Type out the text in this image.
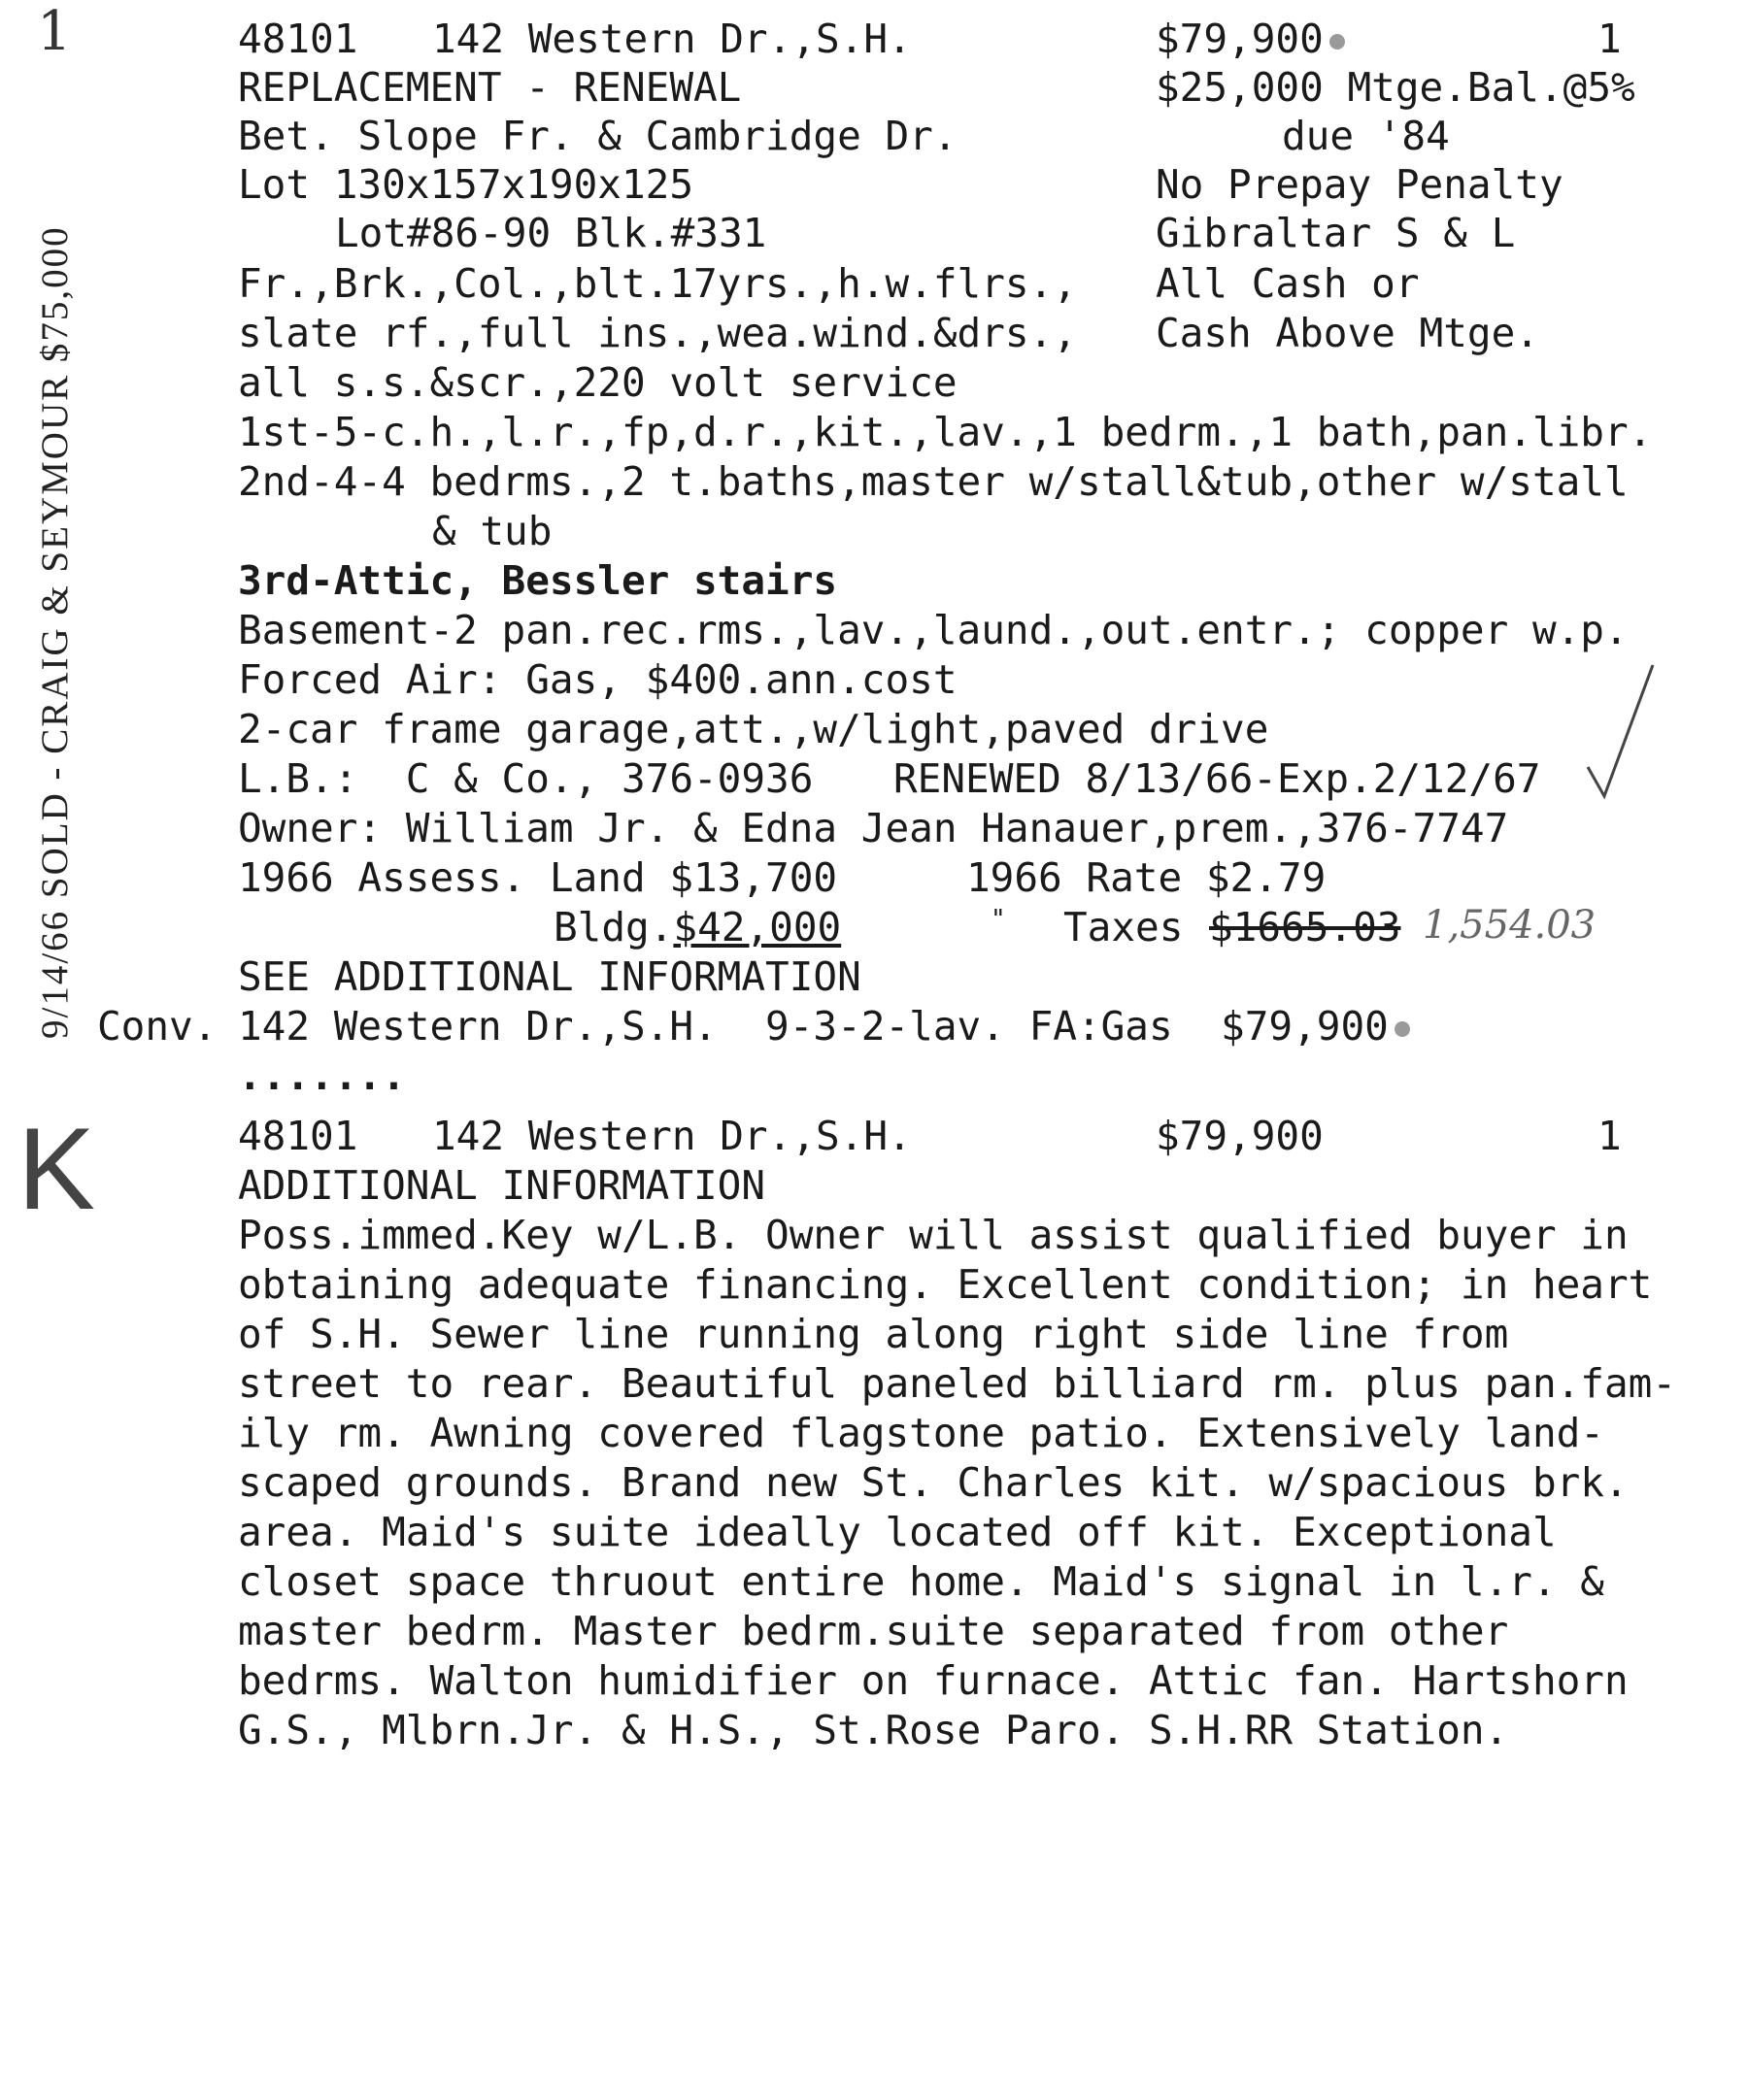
9/14/66 SOLD - CRAIG & SEYMOUR $75,000
1
K
48101 142 Western Dr.,S.H.	$79,900	1
REPLACEMENT - RENEWAL	$25,000 Mtge.Bal.@5%
Bet. Slope Fr. & Cambridge Dr.	due '84
Lot 130x157x190x125	No Prepay Penalty
Lot#86-90 Blk.#331	Gibraltar S & L
Fr.,Brk.,Col.,blt.17yrs.,h.w.flrs., All Cash or
slate rf.,full ins.,wea.wind.&drs., Cash Above Mtge.
all s.s.&scr.,220 volt service
1st-5-c.h.,l.r.,fp,d.r.,kit.,lav.,1 bedrm.,1 bath,pan.libr.
2nd-4-4 bedrms.,2 t.baths,master w/stall&tub,other w/stall
& tub
3rd-Attic, Bessler stairs
Basement-2 pan.rec.rms.,lav.,laund.,out.entr.; copper w.p.
Forced Air: Gas, $400.ann.cost
2-car frame garage,att.,w/light,paved drive
L.B.:  C & Co., 376-0936 RENEWED 8/13/66-Exp.2/12/67
Owner: William Jr. & Edna Jean Hanauer,prem.,376-7747
1966 Assess. Land $13,700	1966 Rate $2.79
Bldg.$42,000	" Taxes $1665.03 1,554.03
SEE ADDITIONAL INFORMATION
Conv. 142 Western Dr.,S.H.  9-3-2-lav. FA:Gas  $79,900
.......
48101 142 Western Dr.,S.H.	$79,900	1
ADDITIONAL INFORMATION
Poss.immed.Key w/L.B. Owner will assist qualified buyer in
obtaining adequate financing. Excellent condition; in heart
of S.H. Sewer line running along right side line from
street to rear. Beautiful paneled billiard rm. plus pan.fam-
ily rm. Awning covered flagstone patio. Extensively land-
scaped grounds. Brand new St. Charles kit. w/spacious brk.
area. Maid's suite ideally located off kit. Exceptional
closet space thruout entire home. Maid's signal in l.r. &
master bedrm. Master bedrm.suite separated from other
bedrms. Walton humidifier on furnace. Attic fan. Hartshorn
G.S., Mlbrn.Jr. & H.S., St.Rose Paro. S.H.RR Station.
